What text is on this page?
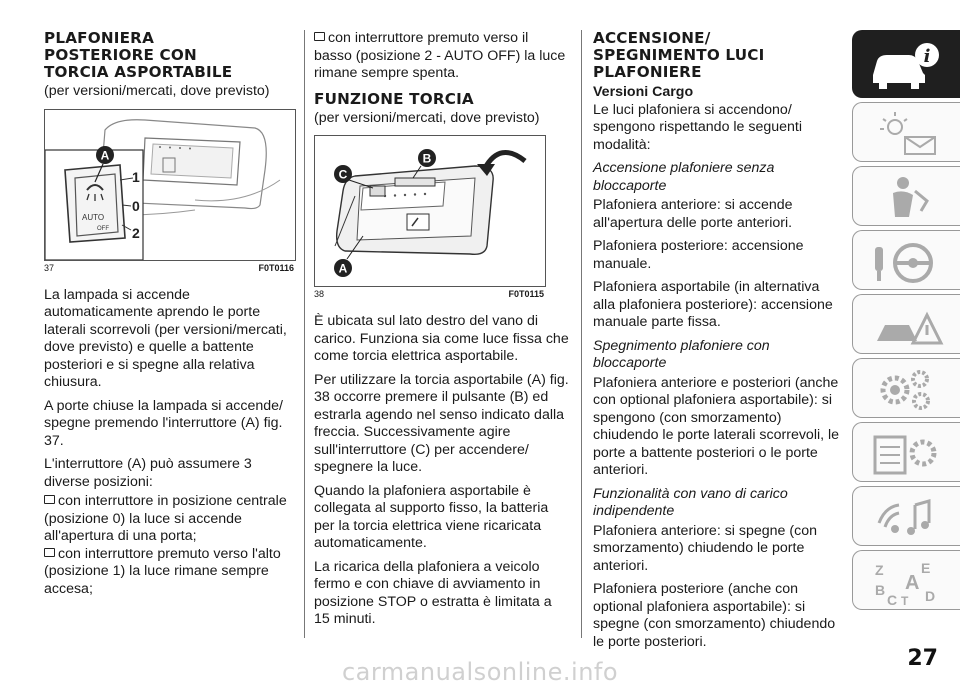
PLAFONIERA
POSTERIORE CON
TORCIA ASPORTABILE

(per versioni/mercati, dove previsto)

AUTO
OFF
A
1
0
2
37	F0T0116

La lampada si accende automaticamente aprendo le porte laterali scorrevoli (per versioni/mercati, dove previsto) e quelle a battente posteriori e si spegne alla relativa chiusura.

A porte chiuse la lampada si accende/ spegne premendo l'interruttore (A) fig. 37.

L'interruttore (A) può assumere 3 diverse posizioni:

con interruttore in posizione centrale (posizione 0) la luce si accende all'apertura di una porta;

con interruttore premuto verso l'alto (posizione 1) la luce rimane sempre accesa;

con interruttore premuto verso il basso (posizione 2 - AUTO OFF) la luce rimane sempre spenta.

FUNZIONE TORCIA

(per versioni/mercati, dove previsto)

C
B
A
38	F0T0115

È ubicata sul lato destro del vano di carico. Funziona sia come luce fissa che come torcia elettrica asportabile.

Per utilizzare la torcia asportabile (A) fig. 38 occorre premere il pulsante (B) ed estrarla agendo nel senso indicato dalla freccia. Successivamente agire sull'interruttore (C) per accendere/ spegnere la luce.

Quando la plafoniera asportabile è collegata al supporto fisso, la batteria per la torcia elettrica viene ricaricata automaticamente.

La ricarica della plafoniera a veicolo fermo e con chiave di avviamento in posizione STOP o estratta è limitata a 15 minuti.

ACCENSIONE/
SPEGNIMENTO LUCI
PLAFONIERE

Versioni Cargo

Le luci plafoniera si accendono/ spengono rispettando le seguenti modalità:

Accensione plafoniere senza bloccaporte

Plafoniera anteriore: si accende all'apertura delle porte anteriori.

Plafoniera posteriore: accensione manuale.

Plafoniera asportabile (in alternativa alla plafoniera posteriore): accensione manuale parte fissa.

Spegnimento plafoniere con bloccaporte

Plafoniera anteriore e posteriori (anche con optional plafoniera asportabile): si spengono (con smorzamento) chiudendo le porte laterali scorrevoli, le porte a battente posteriori o le porte anteriori.

Funzionalità con vano di carico indipendente

Plafoniera anteriore: si spegne (con smorzamento) chiudendo le porte anteriori.

Plafoniera posteriore (anche con optional plafoniera asportabile): si spegne (con smorzamento) chiudendo le porte posteriori.

i
Z	E
B A
C T D
27
carmanualsonline.info
